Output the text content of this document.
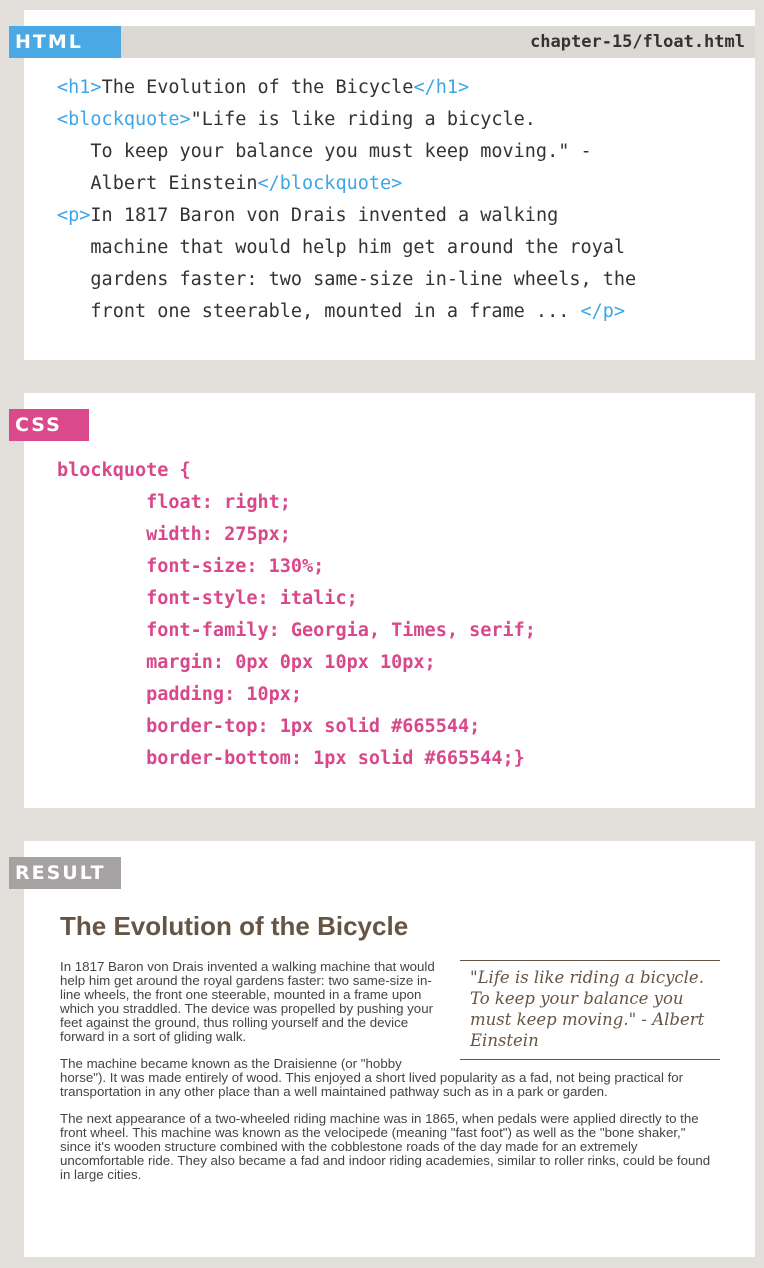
HTML	chapter-15/float.html
<h1>The Evolution of the Bicycle</h1>
<blockquote>"Life is like riding a bicycle.
To keep your balance you must keep moving." -
Albert Einstein</blockquote>
<p>In 1817 Baron von Drais invented a walking
machine that would help him get around the royal
gardens faster: two same-size in-line wheels, the
front one steerable, mounted in a frame ... </p>
CSS
blockquote {
float: right;
width: 275px;
font-size: 130%;
font-style: italic;
font-family: Georgia, Times, serif;
margin: 0px 0px 10px 10px;
padding: 10px;
border-top: 1px solid #665544;
border-bottom: 1px solid #665544;}
RESULT
The Evolution of the Bicycle
"Life is like riding a bicycle. To keep your balance you must keep moving." - Albert Einstein

In 1817 Baron von Drais invented a walking machine that would help him get around the royal gardens faster: two same-size in-line wheels, the front one steerable, mounted in a frame upon which you straddled. The device was propelled by pushing your feet against the ground, thus rolling yourself and the device forward in a sort of gliding walk.

The machine became known as the Draisienne (or "hobby horse"). It was made entirely of wood. This enjoyed a short lived popularity as a fad, not being practical for transportation in any other place than a well maintained pathway such as in a park or garden.

The next appearance of a two-wheeled riding machine was in 1865, when pedals were applied directly to the front wheel. This machine was known as the velocipede (meaning "fast foot") as well as the "bone shaker," since it's wooden structure combined with the cobblestone roads of the day made for an extremely uncomfortable ride. They also became a fad and indoor riding academies, similar to roller rinks, could be found in large cities.
